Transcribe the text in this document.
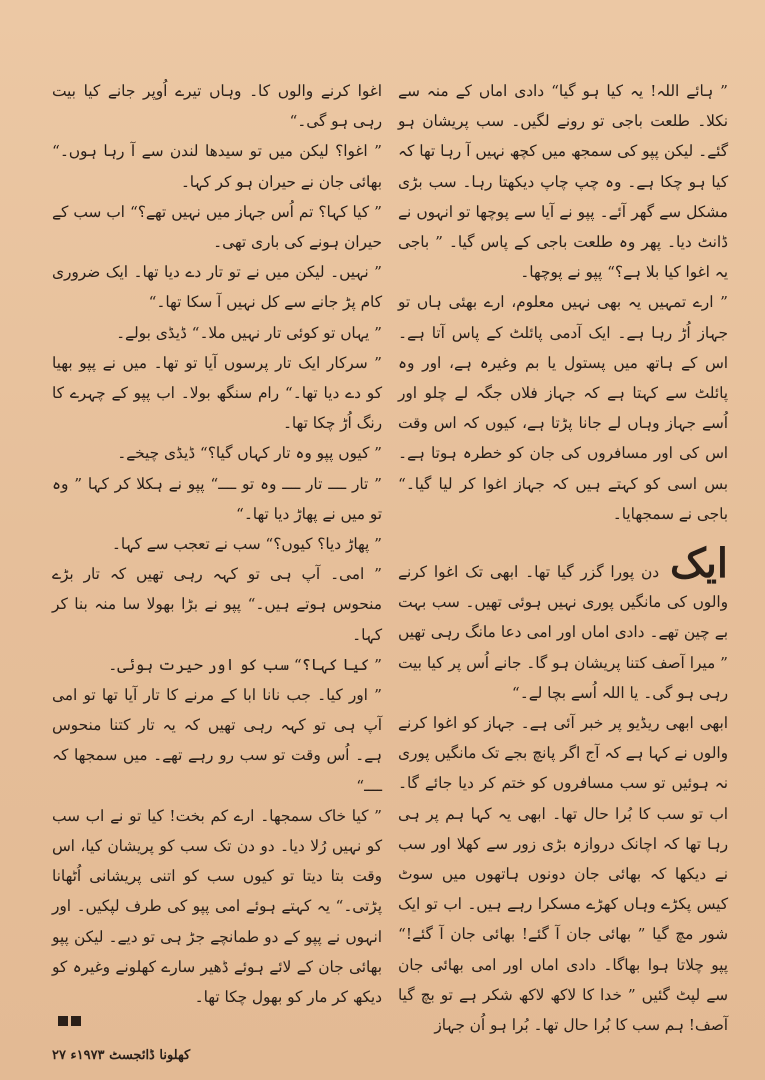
” ہائے اللہ! یہ کیا ہو گیا“ دادی اماں کے منہ سے نکلا۔ طلعت باجی تو رونے لگیں۔ سب پریشان ہو گئے۔ لیکن پپو کی سمجھ میں کچھ نہیں آ رہا تھا کہ کیا ہو چکا ہے۔ وہ چپ چاپ دیکھتا رہا۔ سب بڑی مشکل سے گھر آئے۔ پپو نے آیا سے پوچھا تو انہوں نے ڈانٹ دیا۔ پھر وہ طلعت باجی کے پاس گیا۔ ” باجی یہ اغوا کیا بلا ہے؟“ پپو نے پوچھا۔

” ارے تمہیں یہ بھی نہیں معلوم، ارے بھئی ہاں تو جہاز اُڑ رہا ہے۔ ایک آدمی پائلٹ کے پاس آتا ہے۔ اس کے ہاتھ میں پستول یا بم وغیرہ ہے، اور وہ پائلٹ سے کہتا ہے کہ جہاز فلاں جگہ لے چلو اور اُسے جہاز وہاں لے جانا پڑتا ہے، کیوں کہ اس وقت اس کی اور مسافروں کی جان کو خطرہ ہوتا ہے۔ بس اسی کو کہتے ہیں کہ جہاز اغوا کر لیا گیا۔“ باجی نے سمجھایا۔

ایک دن پورا گزر گیا تھا۔ ابھی تک اغوا کرنے والوں کی مانگیں پوری نہیں ہوئی تھیں۔ سب بہت بے چین تھے۔ دادی اماں اور امی دعا مانگ رہی تھیں ” میرا آصف کتنا پریشان ہو گا۔ جانے اُس پر کیا بیت رہی ہو گی۔ یا اللہ اُسے بچا لے۔“

ابھی ابھی ریڈیو پر خبر آئی ہے۔ جہاز کو اغوا کرنے والوں نے کہا ہے کہ آج اگر پانچ بجے تک مانگیں پوری نہ ہوئیں تو سب مسافروں کو ختم کر دیا جائے گا۔ اب تو سب کا بُرا حال تھا۔ ابھی یہ کہا ہم پر ہی رہا تھا کہ اچانک دروازہ بڑی زور سے کھلا اور سب نے دیکھا کہ بھائی جان دونوں ہاتھوں میں سوٹ کیس پکڑے وہاں کھڑے مسکرا رہے ہیں۔ اب تو ایک شور مچ گیا ” بھائی جان آ گئے! بھائی جان آ گئے!“ پپو چلاتا ہوا بھاگا۔ دادی اماں اور امی بھائی جان سے لپٹ گئیں ” خدا کا لاکھ لاکھ شکر ہے تو بچ گیا آصف! ہم سب کا بُرا حال تھا۔ بُرا ہو اُن جہاز

اغوا کرنے والوں کا۔ وہاں تیرے اُوپر جانے کیا بیت رہی ہو گی۔“

” اغوا؟ لیکن میں تو سیدھا لندن سے آ رہا ہوں۔“ بھائی جان نے حیران ہو کر کہا۔

” کیا کہا؟ تم اُس جہاز میں نہیں تھے؟“ اب سب کے حیران ہونے کی باری تھی۔

” نہیں۔ لیکن میں نے تو تار دے دیا تھا۔ ایک ضروری کام پڑ جانے سے کل نہیں آ سکا تھا۔“

” یہاں تو کوئی تار نہیں ملا۔“ ڈیڈی بولے۔

” سرکار ایک تار پرسوں آیا تو تھا۔ میں نے پپو بھیا کو دے دیا تھا۔“ رام سنگھ بولا۔ اب پپو کے چہرے کا رنگ اُڑ چکا تھا۔

” کیوں پپو وہ تار کہاں گیا؟“ ڈیڈی چیخے۔

” تار ــــ تار ــــ وہ تو ــــ“ پپو نے ہکلا کر کہا ” وہ تو میں نے پھاڑ دیا تھا۔“

” پھاڑ دیا؟ کیوں؟“ سب نے تعجب سے کہا۔

” امی۔ آپ ہی تو کہہ رہی تھیں کہ تار بڑے منحوس ہوتے ہیں۔“ پپو نے بڑا بھولا سا منہ بنا کر کہا۔

” کیا کہا؟“ سب کو اور حیرت ہوئی۔

” اور کیا۔ جب نانا ابا کے مرنے کا تار آیا تھا تو امی آپ ہی تو کہہ رہی تھیں کہ یہ تار کتنا منحوس ہے۔ اُس وقت تو سب رو رہے تھے۔ میں سمجھا کہ ــــ“

” کیا خاک سمجھا۔ ارے کم بخت! کیا تو نے اب سب کو نہیں رُلا دیا۔ دو دن تک سب کو پریشان کیا، اس وقت بتا دیتا تو کیوں سب کو اتنی پریشانی اُٹھانا پڑتی۔“ یہ کہتے ہوئے امی پپو کی طرف لپکیں۔ اور انہوں نے پپو کے دو طمانچے جڑ ہی تو دیے۔ لیکن پپو بھائی جان کے لائے ہوئے ڈھیر سارے کھلونے وغیرہ کو دیکھ کر مار کو بھول چکا تھا۔

کھلونا ڈائجسٹ ۱۹۷۳ء ۲۷
